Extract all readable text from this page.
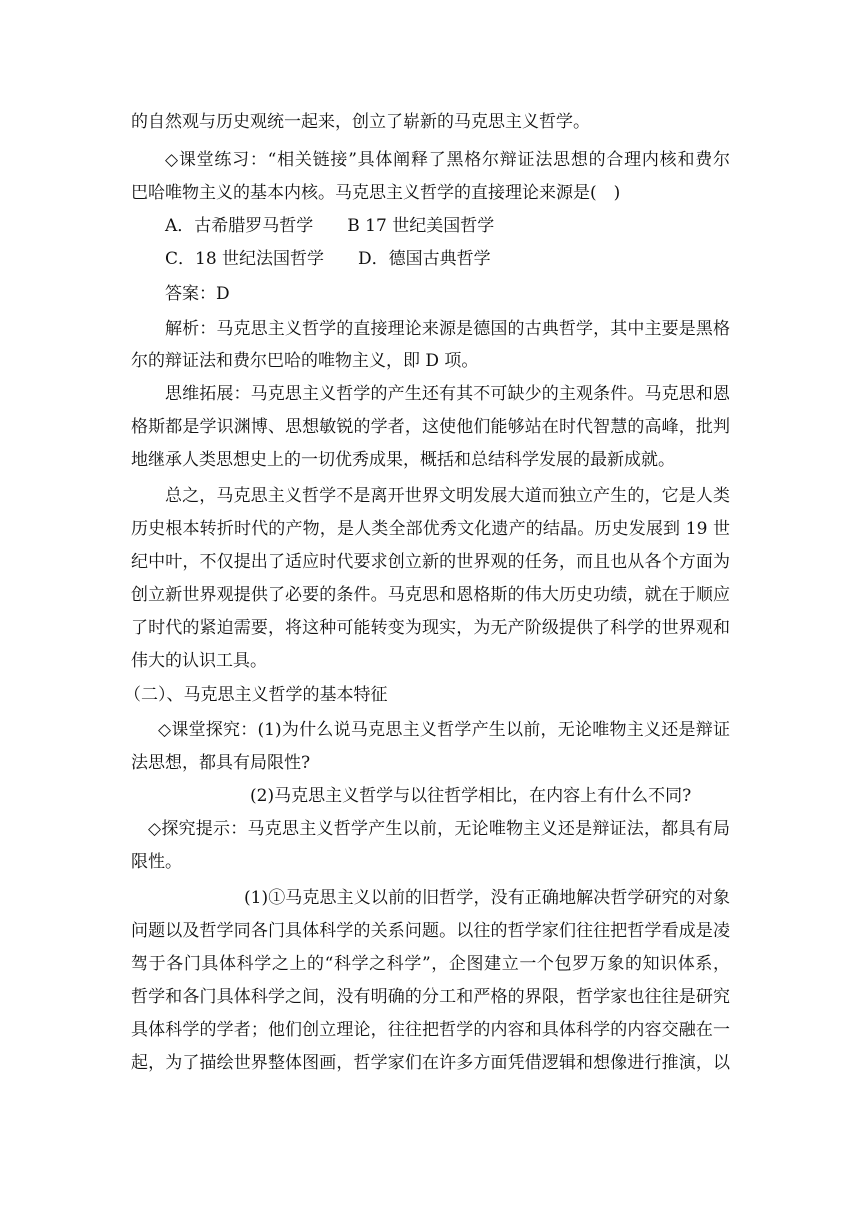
的自然观与历史观统一起来，创立了崭新的马克思主义哲学。
◇课堂练习：“相关链接”具体阐释了黑格尔辩证法思想的合理内核和费尔
巴哈唯物主义的基本内核。马克思主义哲学的直接理论来源是(　)
A．古希腊罗马哲学　　B 17 世纪美国哲学
C．18 世纪法国哲学　　D．德国古典哲学
答案：D
解析：马克思主义哲学的直接理论来源是德国的古典哲学，其中主要是黑格
尔的辩证法和费尔巴哈的唯物主义，即 D 项。
思维拓展：马克思主义哲学的产生还有其不可缺少的主观条件。马克思和恩
格斯都是学识渊博、思想敏锐的学者，这使他们能够站在时代智慧的高峰，批判
地继承人类思想史上的一切优秀成果，概括和总结科学发展的最新成就。
总之，马克思主义哲学不是离开世界文明发展大道而独立产生的，它是人类
历史根本转折时代的产物，是人类全部优秀文化遗产的结晶。历史发展到 19 世
纪中叶，不仅提出了适应时代要求创立新的世界观的任务，而且也从各个方面为
创立新世界观提供了必要的条件。马克思和恩格斯的伟大历史功绩，就在于顺应
了时代的紧迫需要，将这种可能转变为现实，为无产阶级提供了科学的世界观和
伟大的认识工具。
（二）、马克思主义哲学的基本特征
◇课堂探究：(1)为什么说马克思主义哲学产生以前，无论唯物主义还是辩证
法思想，都具有局限性?
(2)马克思主义哲学与以往哲学相比，在内容上有什么不同?
◇探究提示：马克思主义哲学产生以前，无论唯物主义还是辩证法，都具有局
限性。
(1)①马克思主义以前的旧哲学，没有正确地解决哲学研究的对象
问题以及哲学同各门具体科学的关系问题。以往的哲学家们往往把哲学看成是凌
驾于各门具体科学之上的“科学之科学”，企图建立一个包罗万象的知识体系，
哲学和各门具体科学之间，没有明确的分工和严格的界限，哲学家也往往是研究
具体科学的学者；他们创立理论，往往把哲学的内容和具体科学的内容交融在一
起，为了描绘世界整体图画，哲学家们在许多方面凭借逻辑和想像进行推演，以
